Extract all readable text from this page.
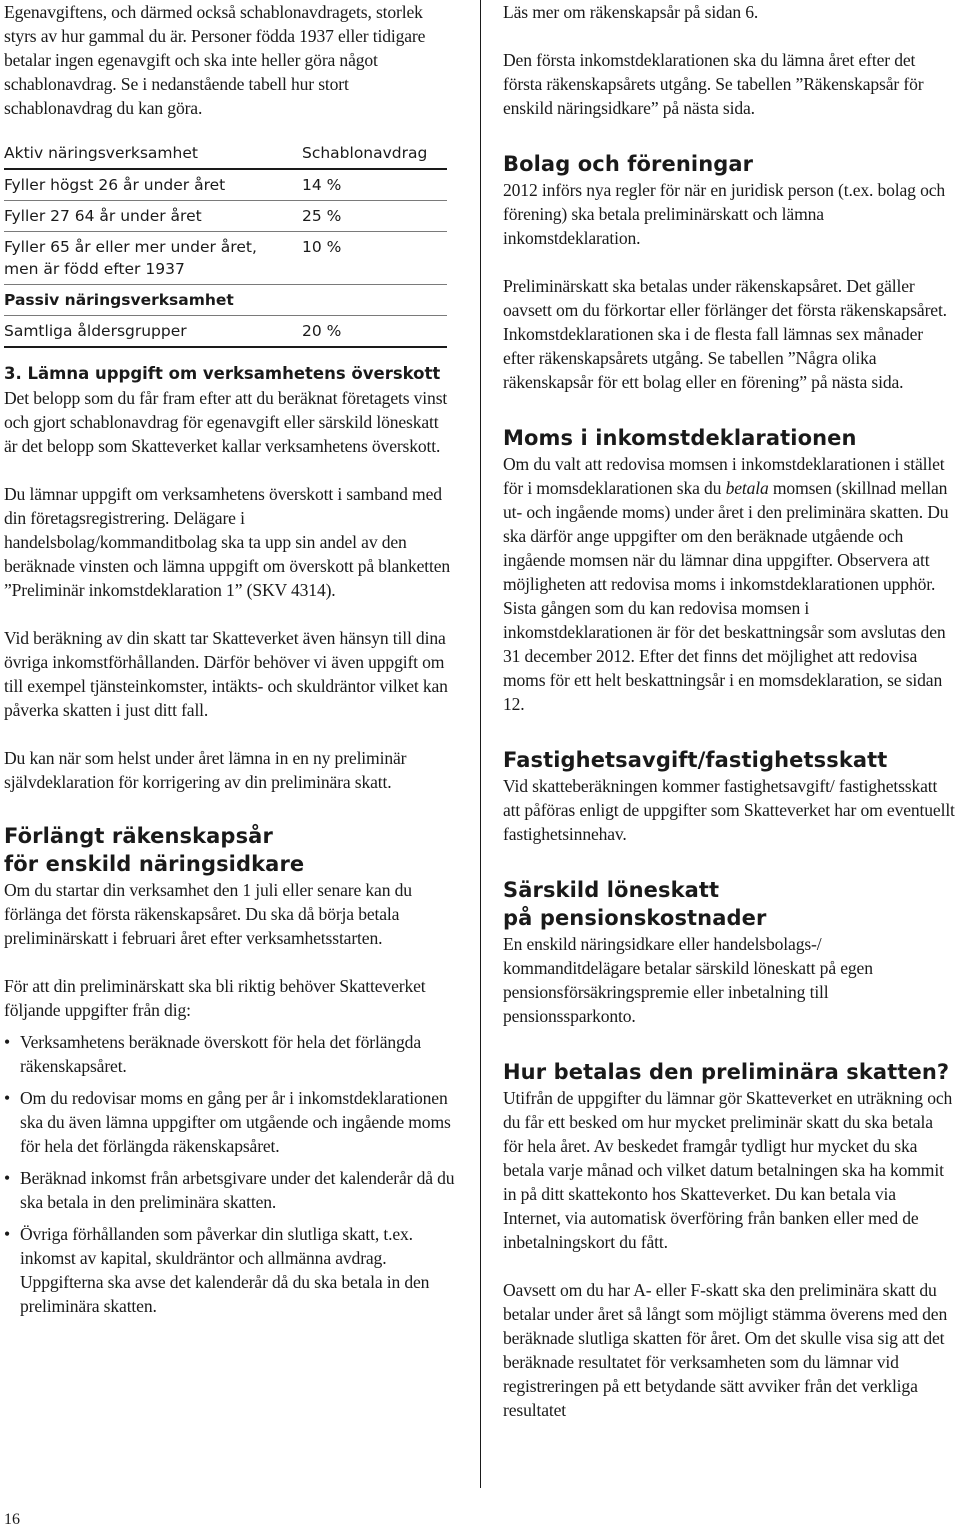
Egenavgiftens, och därmed också schablonavdragets, storlek styrs av hur gammal du är. Personer födda 1937 eller tidigare betalar ingen egenavgift och ska inte heller göra något schablonavdrag. Se i nedanstående tabell hur stort schablonavdrag du kan göra.

Aktiv näringsverksamhet	Schablonavdrag
Fyller högst 26 år under året	14 %
Fyller 27 64 år under året	25 %
Fyller 65 år eller mer under året, men är född efter 1937	10 %
Passiv näringsverksamhet	
Samtliga åldersgrupper	20 %
3. Lämna uppgift om verksamhetens överskott

Det belopp som du får fram efter att du beräknat företagets vinst och gjort schablonavdrag för egenavgift eller särskild löneskatt är det belopp som Skatteverket kallar verksamhetens överskott.

Du lämnar uppgift om verksamhetens överskott i samband med din företagsregistrering. Delägare i handelsbolag/kommanditbolag ska ta upp sin andel av den beräknade vinsten och lämna uppgift om överskott på blanketten ”Preliminär inkomstdeklaration 1” (SKV 4314).

Vid beräkning av din skatt tar Skatteverket även hänsyn till dina övriga inkomstförhållanden. Därför behöver vi även uppgift om till exempel tjänsteinkomster, intäkts- och skuldräntor vilket kan påverka skatten i just ditt fall.

Du kan när som helst under året lämna in en ny preliminär självdeklaration för korrigering av din preliminära skatt.

Förlängt räkenskapsår
för enskild näringsidkare

Om du startar din verksamhet den 1 juli eller senare kan du förlänga det första räkenskapsåret. Du ska då börja betala preliminärskatt i februari året efter verksamhetsstarten.

För att din preliminärskatt ska bli riktig behöver Skatteverket följande uppgifter från dig:

• Verksamhetens beräknade överskott för hela det förlängda räkenskapsåret.
• Om du redovisar moms en gång per år i inkomstdeklarationen ska du även lämna uppgifter om utgående och ingående moms för hela det förlängda räkenskapsåret.
• Beräknad inkomst från arbetsgivare under det kalenderår då du ska betala in den preliminära skatten.
• Övriga förhållanden som påverkar din slutliga skatt, t.ex. inkomst av kapital, skuldräntor och allmänna avdrag. Uppgifterna ska avse det kalenderår då du ska betala in den preliminära skatten.

Läs mer om räkenskapsår på sidan 6.

Den första inkomstdeklarationen ska du lämna året efter det första räkenskapsårets utgång. Se tabellen ”Räkenskapsår för enskild näringsidkare” på nästa sida.

Bolag och föreningar

2012 införs nya regler för när en juridisk person (t.ex. bolag och förening) ska betala preliminärskatt och lämna inkomstdeklaration.

Preliminärskatt ska betalas under räkenskapsåret. Det gäller oavsett om du förkortar eller förlänger det första räkenskapsåret. Inkomstdeklarationen ska i de flesta fall lämnas sex månader efter räkenskapsårets utgång. Se tabellen ”Några olika räkenskapsår för ett bolag eller en förening” på nästa sida.

Moms i inkomstdeklarationen

Om du valt att redovisa momsen i inkomstdeklarationen i stället för i momsdeklarationen ska du betala momsen (skillnad mellan ut- och ingående moms) under året i den preliminära skatten. Du ska därför ange uppgifter om den beräknade utgående och ingående momsen när du lämnar dina uppgifter. Observera att möjligheten att redovisa moms i inkomstdeklarationen upphör. Sista gången som du kan redovisa momsen i inkomstdeklarationen är för det beskattningsår som avslutas den 31 december 2012. Efter det finns det möjlighet att redovisa moms för ett helt beskattningsår i en momsdeklaration, se sidan 12.

Fastighetsavgift/fastighetsskatt

Vid skatteberäkningen kommer fastighetsavgift/ fastighetsskatt att påföras enligt de uppgifter som Skatteverket har om eventuellt fastighetsinnehav.

Särskild löneskatt
på pensionskostnader

En enskild näringsidkare eller handelsbolags-/ kommanditdelägare betalar särskild löneskatt på egen pensionsförsäkringspremie eller inbetalning till pensionssparkonto.

Hur betalas den preliminära skatten?

Utifrån de uppgifter du lämnar gör Skatteverket en uträkning och du får ett besked om hur mycket preliminär skatt du ska betala för hela året. Av beskedet framgår tydligt hur mycket du ska betala varje månad och vilket datum betalningen ska ha kommit in på ditt skattekonto hos Skatteverket. Du kan betala via Internet, via automatisk överföring från banken eller med de inbetalningskort du fått.

Oavsett om du har A- eller F-skatt ska den preliminära skatt du betalar under året så långt som möjligt stämma överens med den beräknade slutliga skatten för året. Om det skulle visa sig att det beräknade resultatet för verksamheten som du lämnar vid registreringen på ett betydande sätt avviker från det verkliga resultatet

16
